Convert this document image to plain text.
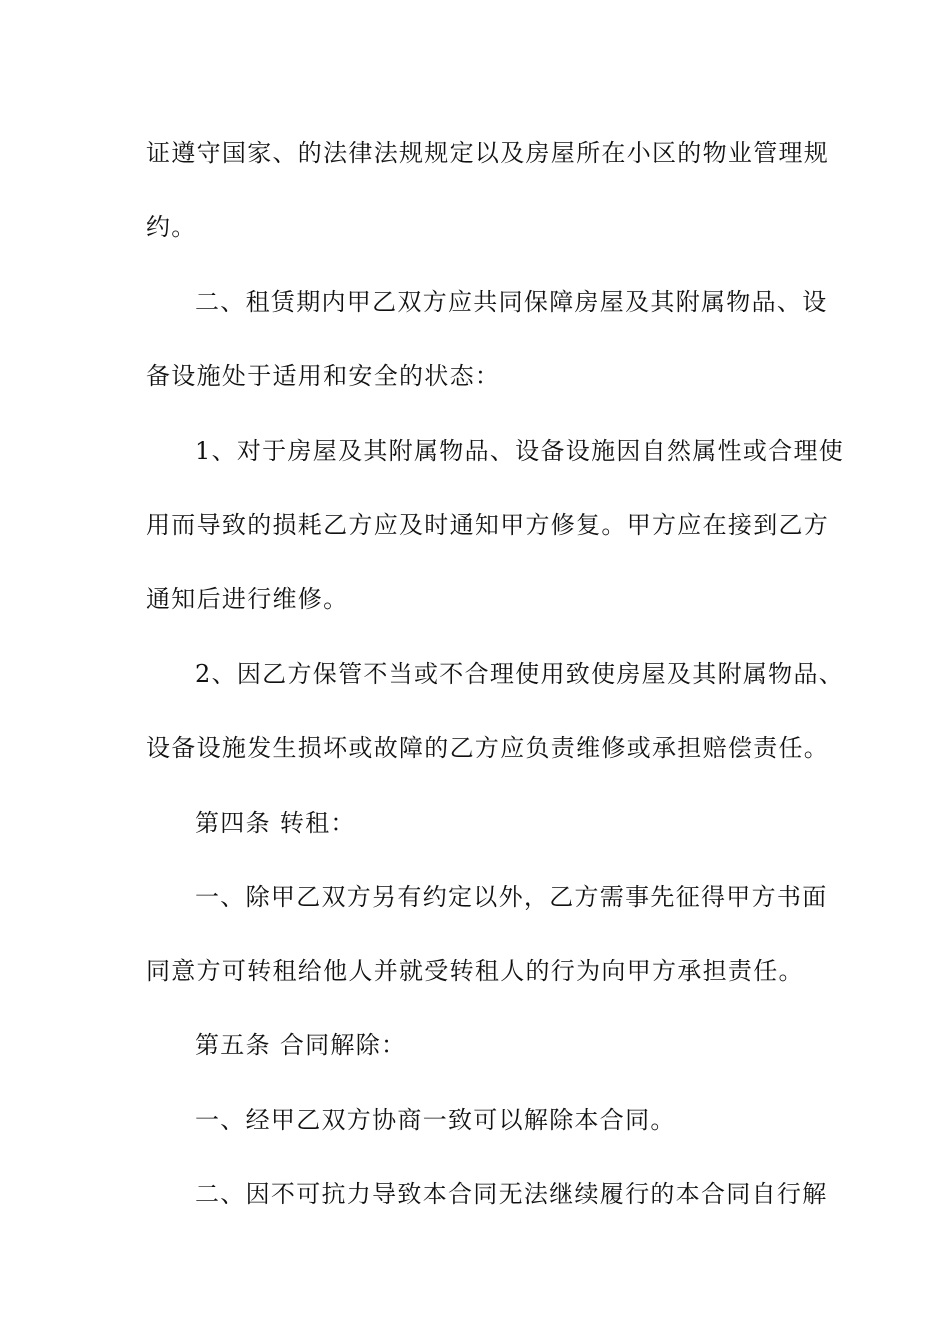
证遵守国家、的法律法规规定以及房屋所在小区的物业管理规
约。
二、租赁期内甲乙双方应共同保障房屋及其附属物品、设
备设施处于适用和安全的状态：
1、对于房屋及其附属物品、设备设施因自然属性或合理使
用而导致的损耗乙方应及时通知甲方修复。甲方应在接到乙方
通知后进行维修。
2、因乙方保管不当或不合理使用致使房屋及其附属物品、
设备设施发生损坏或故障的乙方应负责维修或承担赔偿责任。
第四条 转租：
一、除甲乙双方另有约定以外，乙方需事先征得甲方书面
同意方可转租给他人并就受转租人的行为向甲方承担责任。
第五条 合同解除：
一、经甲乙双方协商一致可以解除本合同。
二、因不可抗力导致本合同无法继续履行的本合同自行解
